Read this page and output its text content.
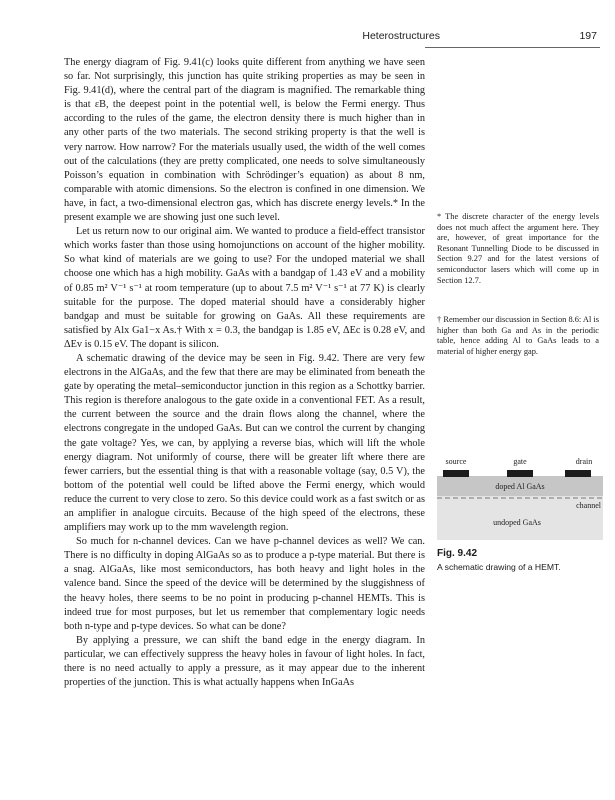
Heterostructures	197

The energy diagram of Fig. 9.41(c) looks quite different from anything we have seen so far. Not surprisingly, this junction has quite striking properties as may be seen in Fig. 9.41(d), where the central part of the diagram is magnified. The remarkable thing is that εB, the deepest point in the potential well, is below the Fermi energy. Thus according to the rules of the game, the electron density there is much higher than in any other parts of the two materials. The second striking property is that the well is very narrow. How narrow? For the materials usually used, the width of the well comes out of the calculations (they are pretty complicated, one needs to solve simultaneously Poisson’s equation in combination with Schrödinger’s equation) as about 8 nm, comparable with atomic dimensions. So the electron is confined in one dimension. We have, in fact, a two-dimensional electron gas, which has discrete energy levels.* In the present example we are showing just one such level.

Let us return now to our original aim. We wanted to produce a field-effect transistor which works faster than those using homojunctions on account of the higher mobility. So what kind of materials are we going to use? For the undoped material we shall choose one which has a high mobility. GaAs with a bandgap of 1.43 eV and a mobility of 0.85 m² V⁻¹ s⁻¹ at room temperature (up to about 7.5 m² V⁻¹ s⁻¹ at 77 K) is clearly suitable for the purpose. The doped material should have a considerably higher bandgap and must be suitable for growing on GaAs. All these requirements are satisfied by Alx Ga1−x As.† With x = 0.3, the bandgap is 1.85 eV, ΔEc is 0.28 eV, and ΔEv is 0.15 eV. The dopant is silicon.

A schematic drawing of the device may be seen in Fig. 9.42. There are very few electrons in the AlGaAs, and the few that there are may be eliminated from beneath the gate by operating the metal–semiconductor junction in this region as a Schottky barrier. This region is therefore analogous to the gate oxide in a conventional FET. As a result, the current between the source and the drain flows along the channel, where the electrons congregate in the undoped GaAs. But can we control the current by changing the gate voltage? Yes, we can, by applying a reverse bias, which will lift the whole energy diagram. Not uniformly of course, there will be greater lift where there are fewer carriers, but the essential thing is that with a reasonable voltage (say, 0.5 V), the bottom of the potential well could be lifted above the Fermi energy, which would reduce the current to very close to zero. So this device could work as a fast switch or as an amplifier in analogue circuits. Because of the high speed of the electrons, these amplifiers may work up to the mm wavelength region.

So much for n-channel devices. Can we have p-channel devices as well? We can. There is no difficulty in doping AlGaAs so as to produce a p-type material. But there is a snag. AlGaAs, like most semiconductors, has both heavy and light holes in the valence band. Since the speed of the device will be determined by the sluggishness of the heavy holes, there seems to be no point in producing p-channel HEMTs. This is indeed true for most purposes, but let us remember that complementary logic needs both n-type and p-type devices. So what can be done?

By applying a pressure, we can shift the band edge in the energy diagram. In particular, we can effectively suppress the heavy holes in favour of light holes. In fact, there is no need actually to apply a pressure, as it may appear due to the inherent properties of the junction. This is what actually happens when InGaAs

* The discrete character of the energy levels does not much affect the argument here. They are, however, of great importance for the Resonant Tunnelling Diode to be discussed in Section 9.27 and for the latest versions of semiconductor lasers which will come up in Section 12.7.

† Remember our discussion in Section 8.6: Al is higher than both Ga and As in the periodic table, hence adding Al to GaAs leads to a material of higher energy gap.

source	gate	drain
doped Al GaAs
channel
undoped GaAs
Fig. 9.42
A schematic drawing of a HEMT.
